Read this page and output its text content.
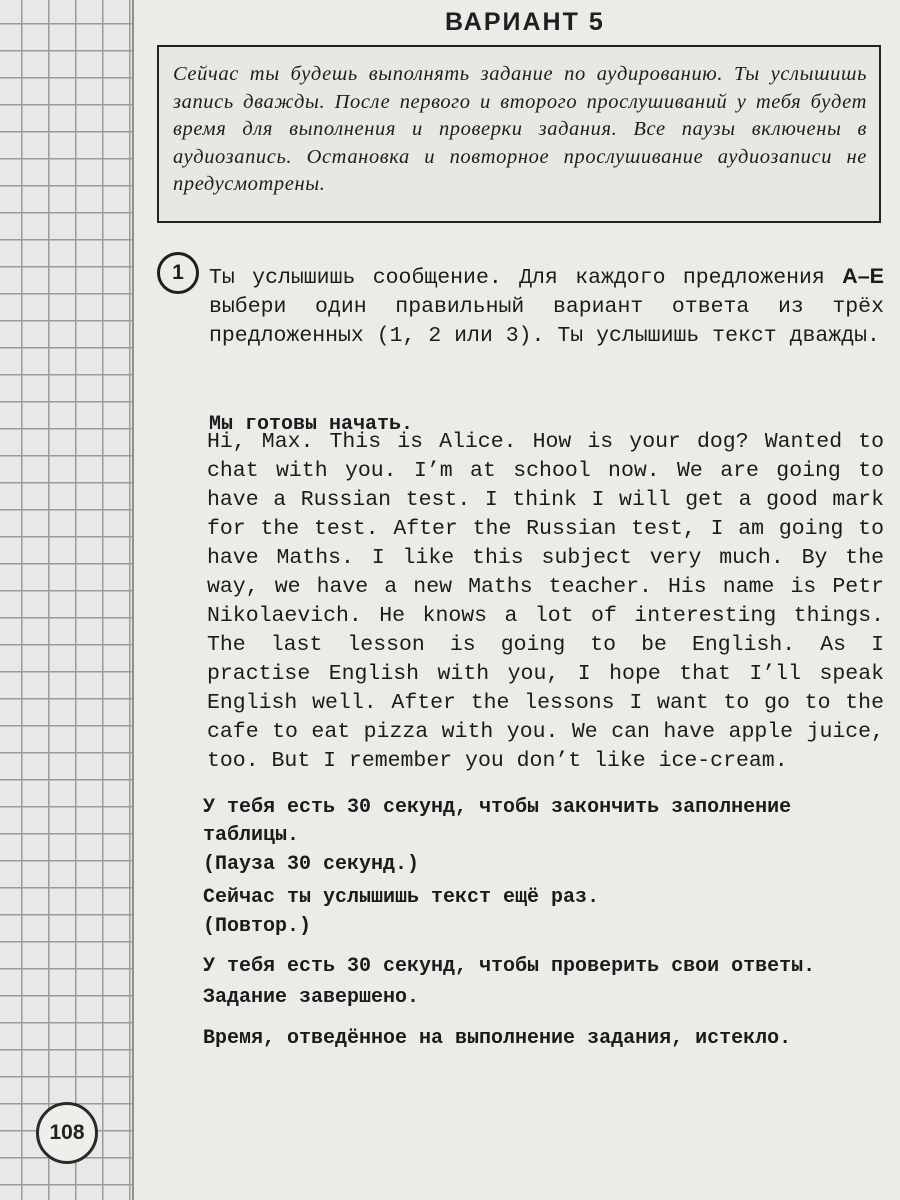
108
ВАРИАНТ 5
Сейчас ты будешь выполнять задание по аудированию. Ты услышишь запись дважды. После первого и второго прослушиваний у тебя будет время для выполнения и проверки задания. Все паузы включены в аудиозапись. Остановка и повторное прослушивание аудиозаписи не предусмотрены.
1	Ты услышишь сообщение. Для каждого предложения A–E выбери один правильный вариант ответа из трёх предложенных (1, 2 или 3). Ты услышишь текст дважды.
Мы готовы начать.
Hi, Max. This is Alice. How is your dog? Wanted to chat with you. I’m at school now. We are going to have a Russian test. I think I will get a good mark for the test. After the Russian test, I am going to have Maths. I like this subject very much. By the way, we have a new Maths teacher. His name is Petr Nikolaevich. He knows a lot of interesting things. The last lesson is going to be English. As I practise English with you, I hope that I’ll speak English well. After the lessons I want to go to the cafe to eat pizza with you. We can have apple juice, too. But I remember you don’t like ice-cream.
У тебя есть 30 секунд, чтобы закончить заполнение
таблицы.
(Пауза 30 секунд.)
Сейчас ты услышишь текст ещё раз.
(Повтор.)
У тебя есть 30 секунд, чтобы проверить свои ответы.
Задание завершено.
Время, отведённое на выполнение задания, истекло.
